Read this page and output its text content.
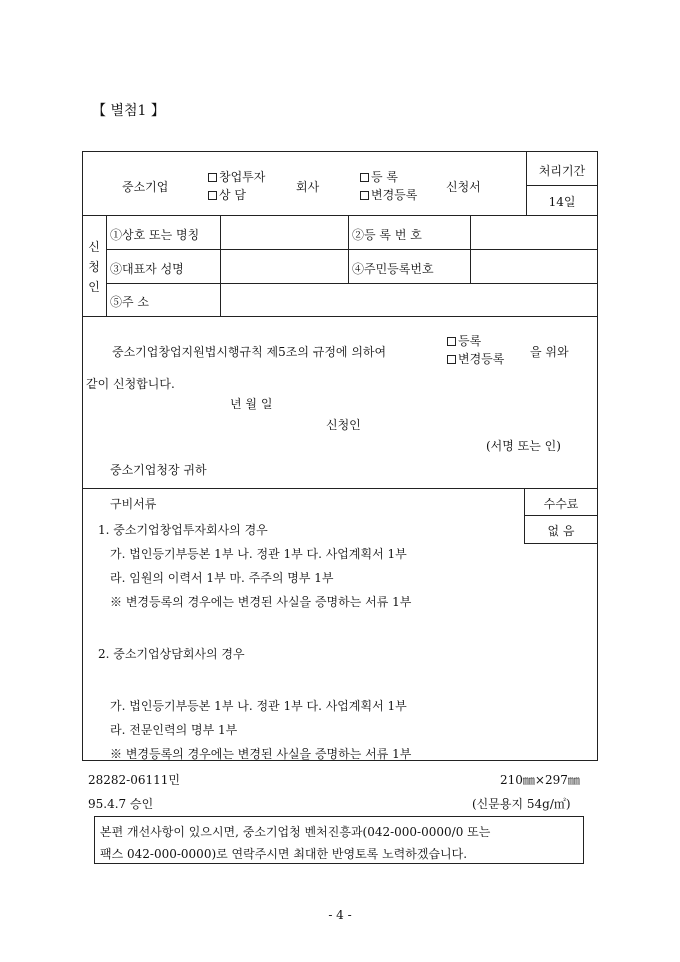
【 별첨1 】
중소기업
창업투자
상 담
회사
등 록
변경등록
신청서
처리기간
14일
신
청
인
①상호 또는 명칭	②등 록 번 호
③대표자 성명	④주민등록번호
⑤주 소
중소기업창업지원법시행규칙 제5조의 규정에 의하여
등록
변경등록 을 위와
같이 신청합니다.
년 월 일
신청인
(서명 또는 인)
중소기업청장 귀하
구비서류	수수료
없 음
1. 중소기업창업투자회사의 경우
가. 법인등기부등본 1부 나. 정관 1부 다. 사업계획서 1부
라. 임원의 이력서 1부 마. 주주의 명부 1부
※ 변경등록의 경우에는 변경된 사실을 증명하는 서류 1부
2. 중소기업상담회사의 경우
가. 법인등기부등본 1부 나. 정관 1부 다. 사업계획서 1부
라. 전문인력의 명부 1부
※ 변경등록의 경우에는 변경된 사실을 증명하는 서류 1부
28282-06111민
95.4.7 승인
210㎜×297㎜
(신문용지 54g/㎡)
본편 개선사항이 있으시면, 중소기업청 벤처진흥과(042-000-0000/0 또는
팩스 042-000-0000)로 연락주시면 최대한 반영토록 노력하겠습니다.
- 4 -
